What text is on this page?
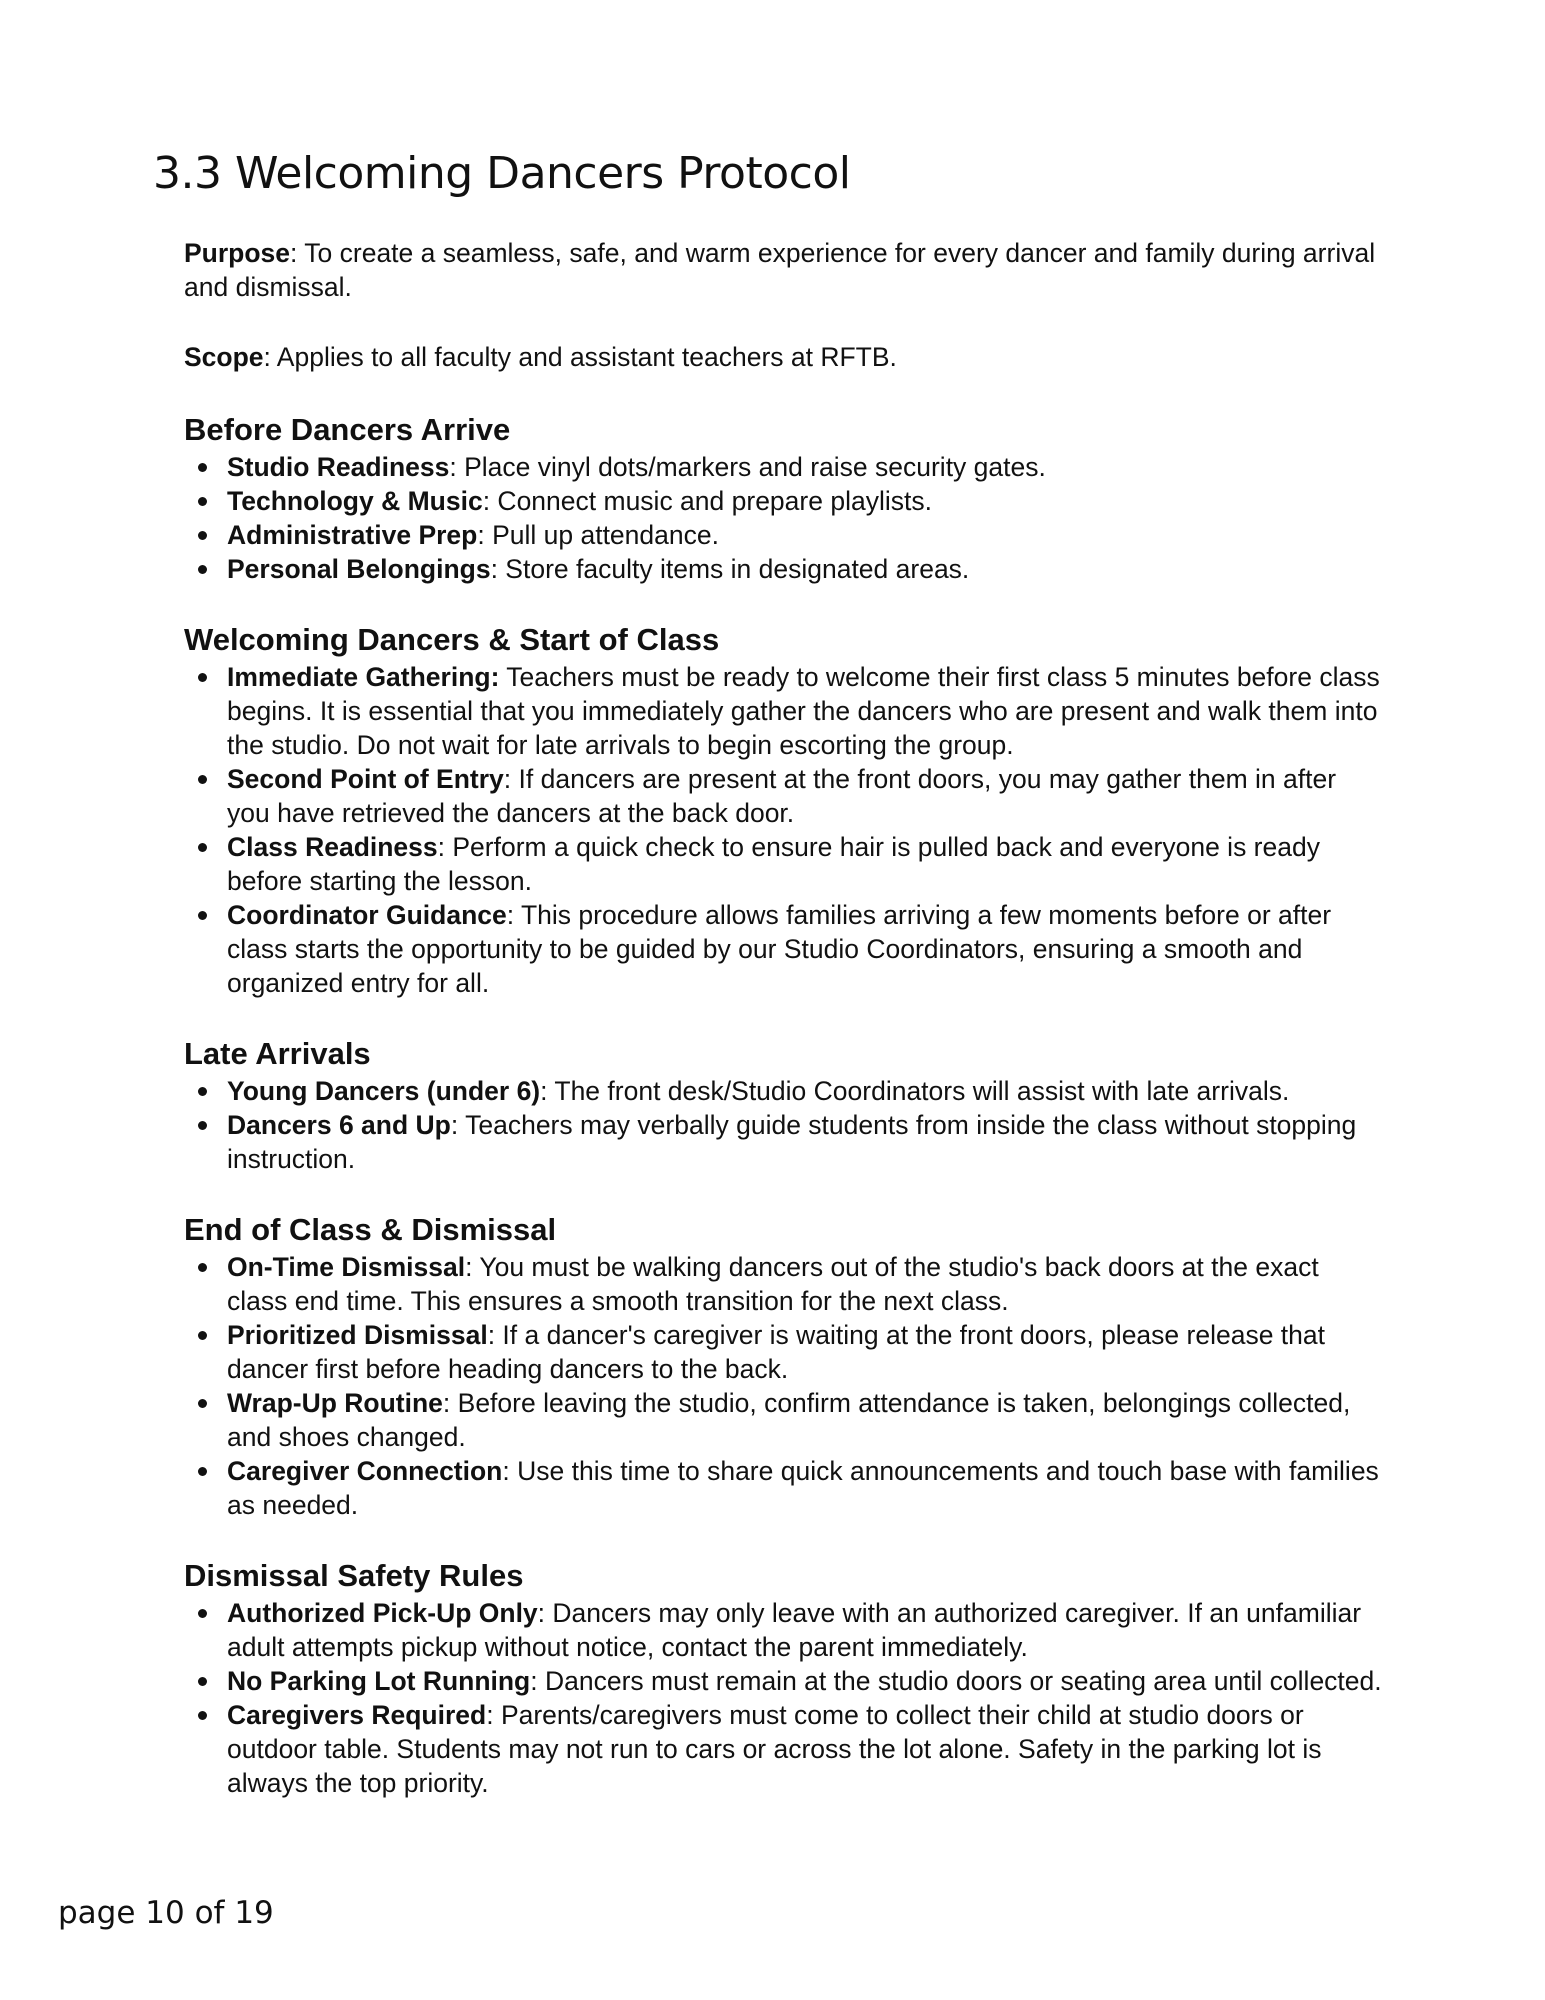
3.3 Welcoming Dancers Protocol

Purpose: To create a seamless, safe, and warm experience for every dancer and family during arrival and dismissal.

Scope: Applies to all faculty and assistant teachers at RFTB.

Before Dancers Arrive
Studio Readiness: Place vinyl dots/markers and raise security gates.
Technology & Music: Connect music and prepare playlists.
Administrative Prep: Pull up attendance.
Personal Belongings: Store faculty items in designated areas.
Welcoming Dancers & Start of Class
Immediate Gathering: Teachers must be ready to welcome their first class 5 minutes before class begins. It is essential that you immediately gather the dancers who are present and walk them into the studio. Do not wait for late arrivals to begin escorting the group.
Second Point of Entry: If dancers are present at the front doors, you may gather them in after you have retrieved the dancers at the back door.
Class Readiness: Perform a quick check to ensure hair is pulled back and everyone is ready before starting the lesson.
Coordinator Guidance: This procedure allows families arriving a few moments before or after class starts the opportunity to be guided by our Studio Coordinators, ensuring a smooth and organized entry for all.
Late Arrivals
Young Dancers (under 6): The front desk/Studio Coordinators will assist with late arrivals.
Dancers 6 and Up: Teachers may verbally guide students from inside the class without stopping instruction.
End of Class & Dismissal
On-Time Dismissal: You must be walking dancers out of the studio's back doors at the exact class end time. This ensures a smooth transition for the next class.
Prioritized Dismissal: If a dancer's caregiver is waiting at the front doors, please release that dancer first before heading dancers to the back.
Wrap-Up Routine: Before leaving the studio, confirm attendance is taken, belongings collected, and shoes changed.
Caregiver Connection: Use this time to share quick announcements and touch base with families as needed.
Dismissal Safety Rules
Authorized Pick-Up Only: Dancers may only leave with an authorized caregiver. If an unfamiliar adult attempts pickup without notice, contact the parent immediately.
No Parking Lot Running: Dancers must remain at the studio doors or seating area until collected.
Caregivers Required: Parents/caregivers must come to collect their child at studio doors or outdoor table. Students may not run to cars or across the lot alone. Safety in the parking lot is always the top priority.
page 10 of 19
